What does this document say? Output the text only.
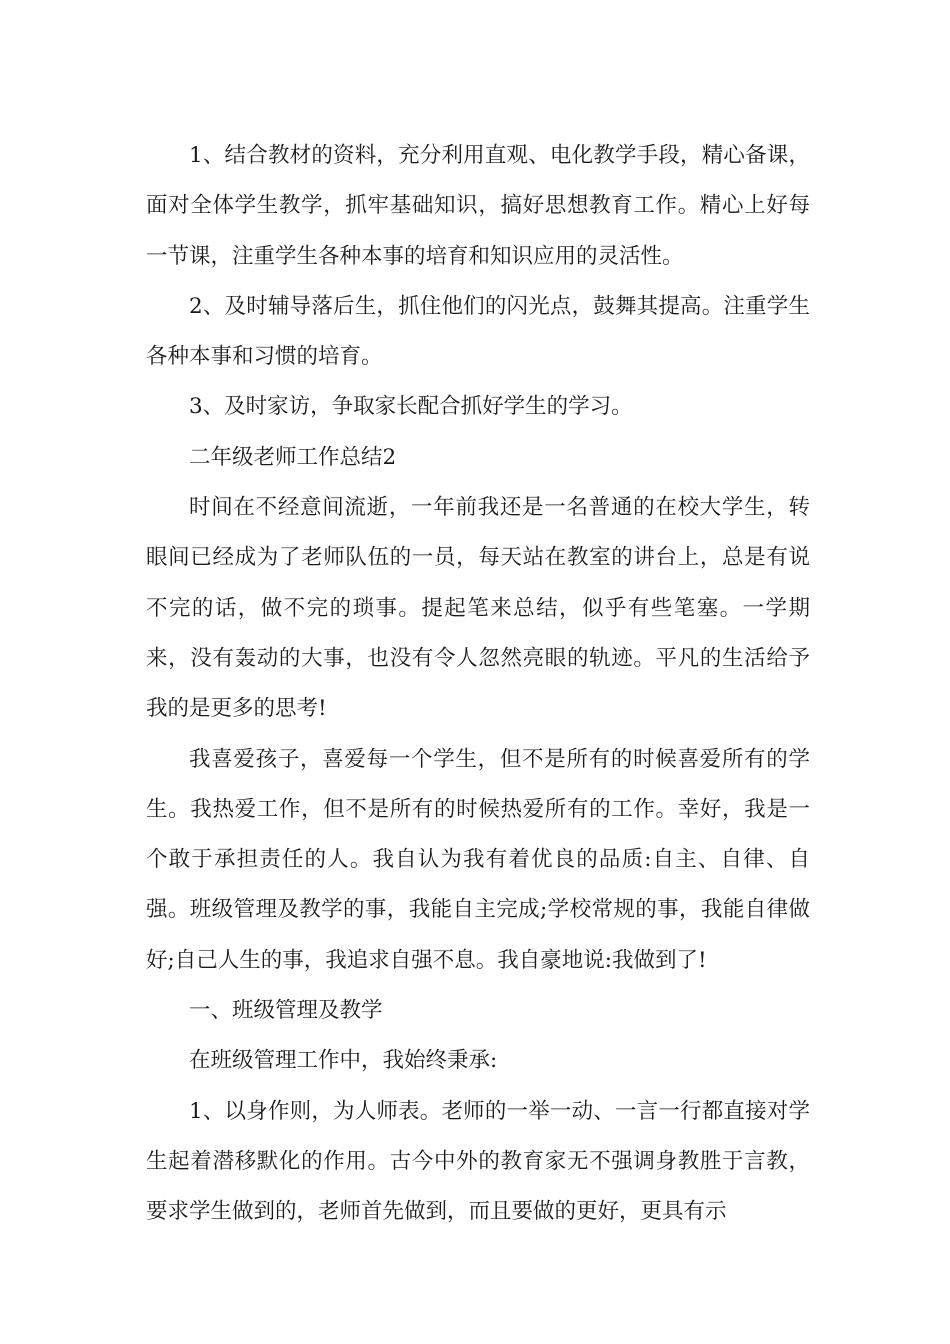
1、结合教材的资料，充分利用直观、电化教学手段，精心备课，面对全体学生教学，抓牢基础知识，搞好思想教育工作。精心上好每一节课，注重学生各种本事的培育和知识应用的灵活性。

2、及时辅导落后生，抓住他们的闪光点，鼓舞其提高。注重学生各种本事和习惯的培育。

3、及时家访，争取家长配合抓好学生的学习。

二年级老师工作总结2

时间在不经意间流逝，一年前我还是一名普通的在校大学生，转眼间已经成为了老师队伍的一员，每天站在教室的讲台上，总是有说不完的话，做不完的琐事。提起笔来总结，似乎有些笔塞。一学期来，没有轰动的大事，也没有令人忽然亮眼的轨迹。平凡的生活给予我的是更多的思考!

我喜爱孩子，喜爱每一个学生，但不是所有的时候喜爱所有的学生。我热爱工作，但不是所有的时候热爱所有的工作。幸好，我是一个敢于承担责任的人。我自认为我有着优良的品质:自主、自律、自强。班级管理及教学的事，我能自主完成;学校常规的事，我能自律做好;自己人生的事，我追求自强不息。我自豪地说:我做到了!

一、班级管理及教学

在班级管理工作中，我始终秉承:

1、以身作则，为人师表。老师的一举一动、一言一行都直接对学生起着潜移默化的作用。古今中外的教育家无不强调身教胜于言教，要求学生做到的，老师首先做到，而且要做的更好，更具有示
